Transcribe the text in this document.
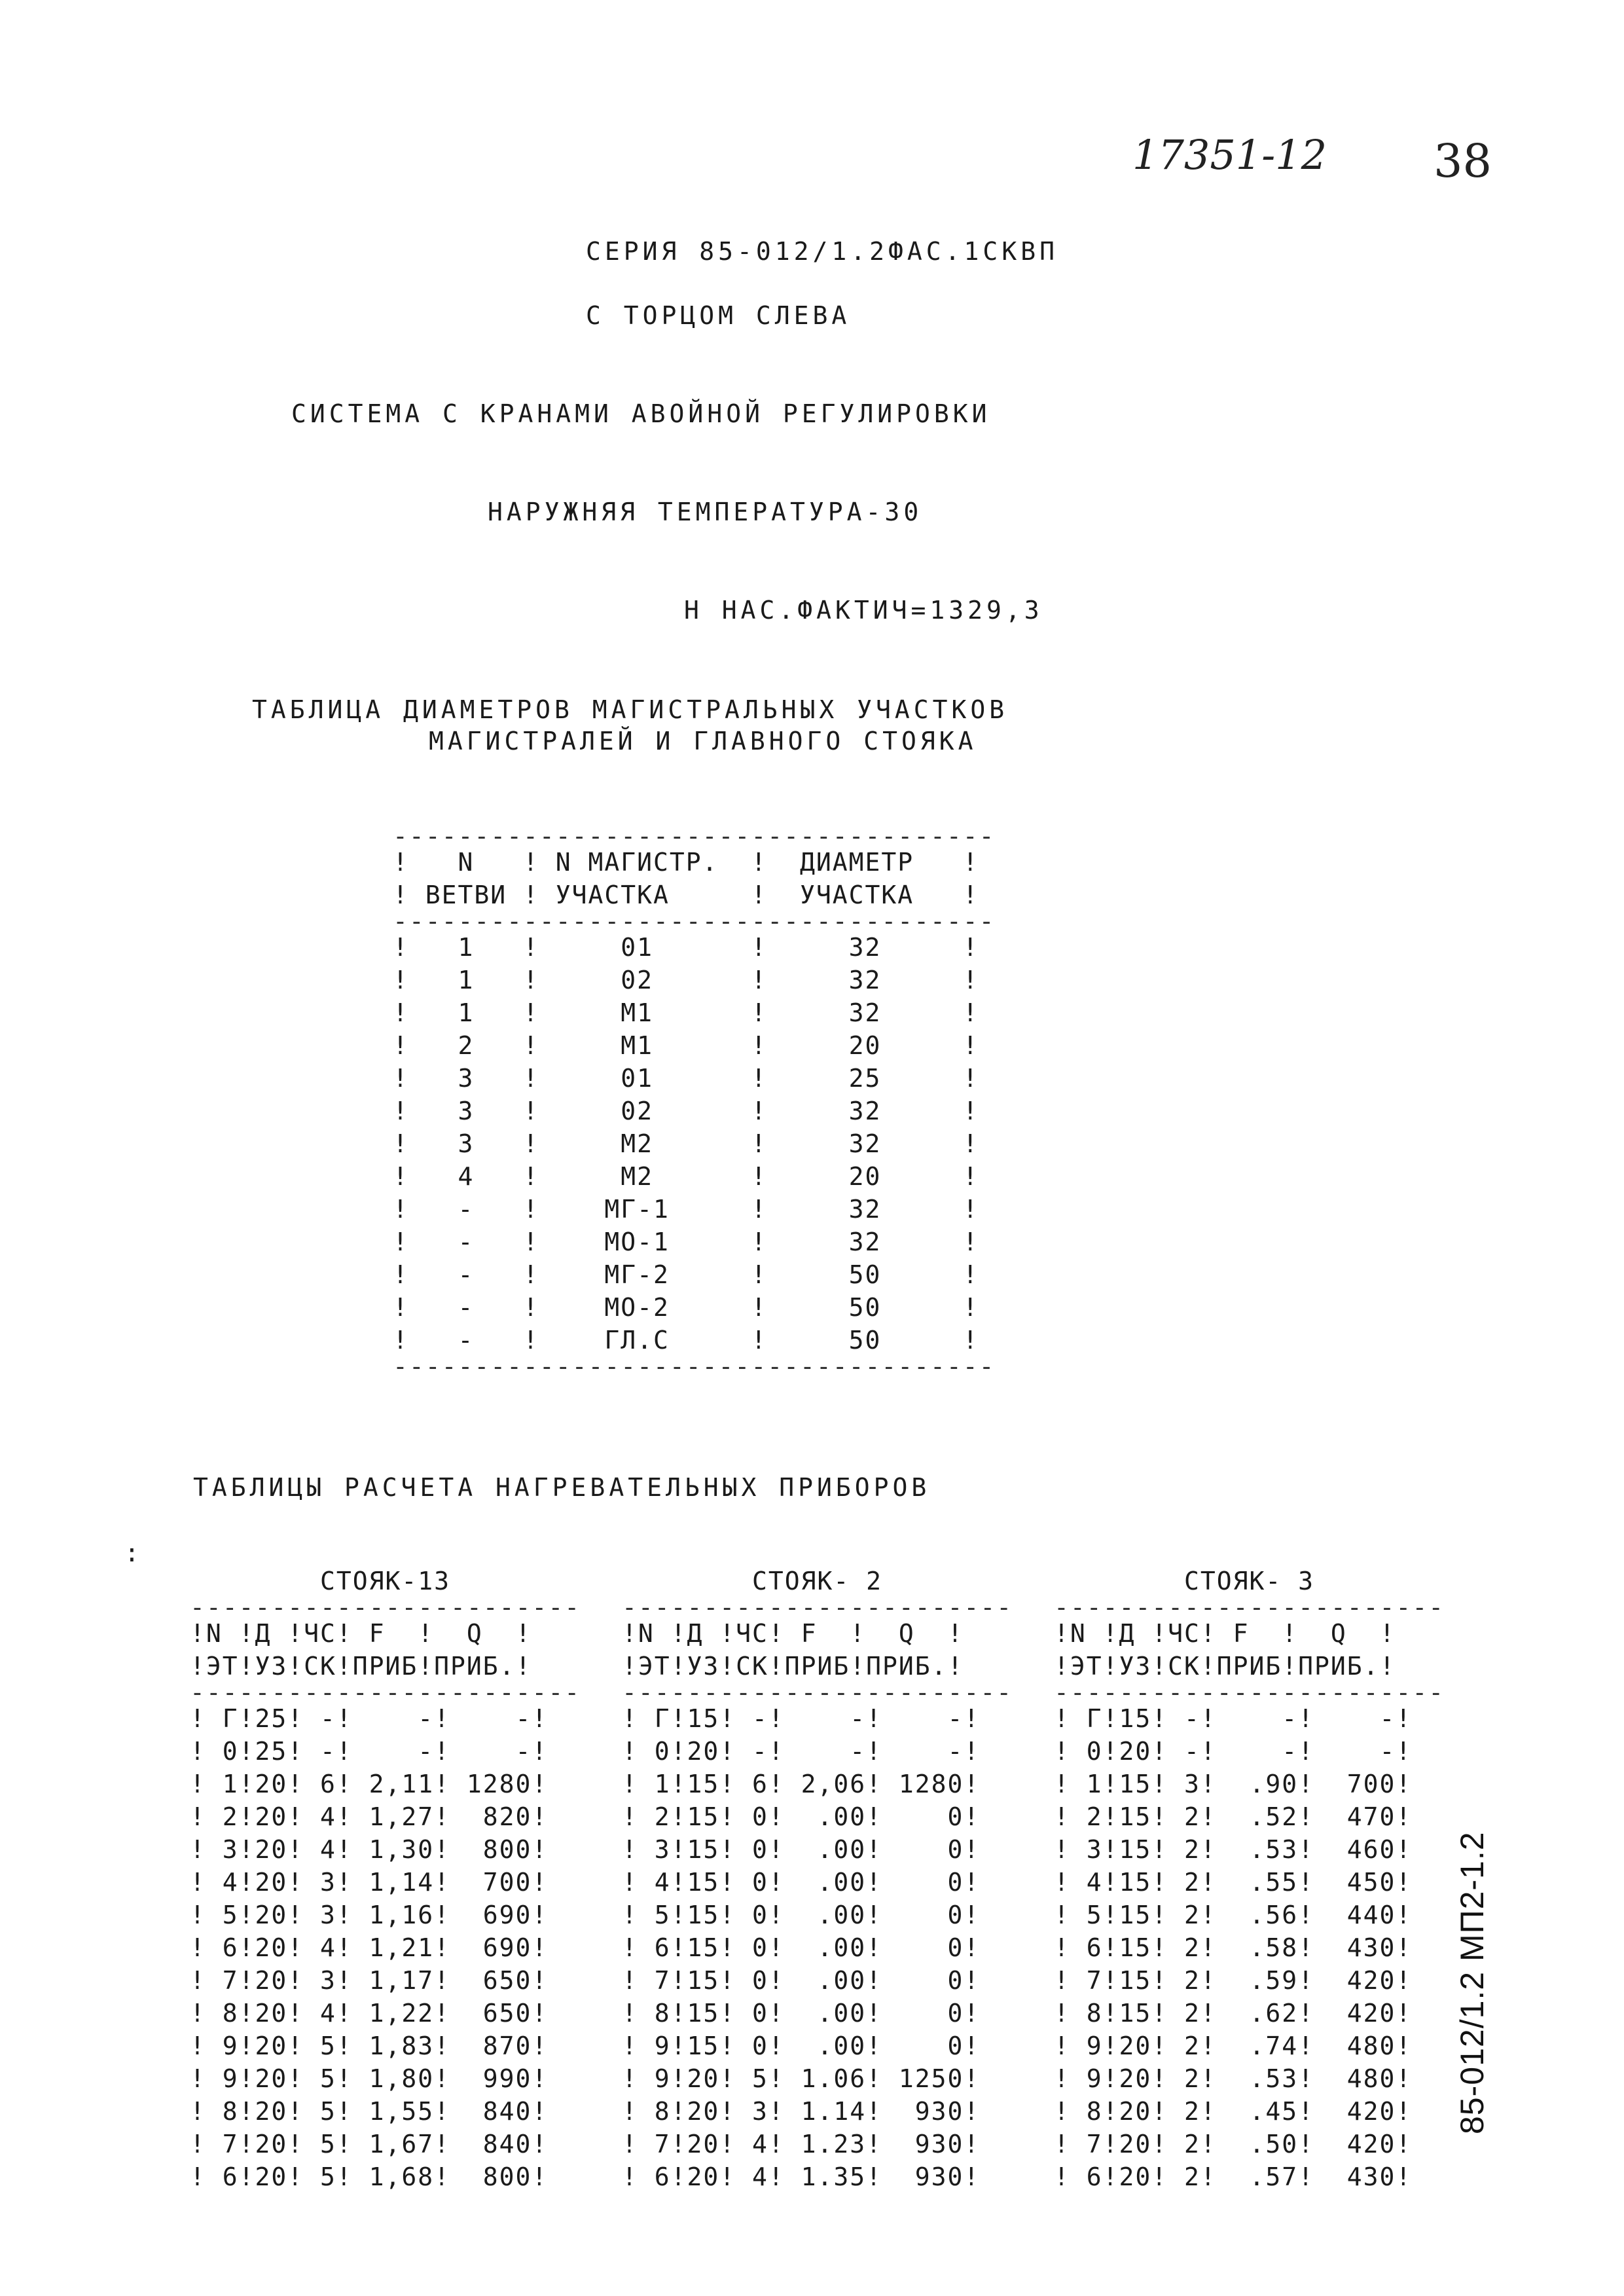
17351-12 38
СЕРИЯ 85-012/1.2ФАС.1СКВП
С ТОРЦОМ СЛЕВА
СИСТЕМА С КРАНАМИ АВОЙНОЙ РЕГУЛИРОВКИ
НАРУЖНЯЯ ТЕМПЕРАТУРА-30
Н НАС.ФАКТИЧ=1329,3
ТАБЛИЦА ДИАМЕТРОВ МАГИСТРАЛЬНЫХ УЧАСТКОВ
МАГИСТРАЛЕЙ И ГЛАВНОГО СТОЯКА
-------------------------------------
!   N   ! N МАГИСТР.  !  ДИАМЕТР   !
! ВЕТВИ ! УЧАСТКА     !  УЧАСТКА   !
-------------------------------------
!   1   !     01      !     32     !
!   1   !     02      !     32     !
!   1   !     М1      !     32     !
!   2   !     М1      !     20     !
!   3   !     01      !     25     !
!   3   !     02      !     32     !
!   3   !     М2      !     32     !
!   4   !     М2      !     20     !
!   -   !    МГ-1     !     32     !
!   -   !    МО-1     !     32     !
!   -   !    МГ-2     !     50     !
!   -   !    МО-2     !     50     !
!   -   !    ГЛ.С     !     50     !
-------------------------------------
ТАБЛИЦЫ РАСЧЕТА НАГРЕВАТЕЛЬНЫХ ПРИБОРОВ
:
СТОЯК-13
------------------------
!N !Д !ЧС! F  !  Q  !
!ЭТ!УЗ!СК!ПРИБ!ПРИБ.!
------------------------
! Г!25! -!    -!    -!
! 0!25! -!    -!    -!
! 1!20! 6! 2,11! 1280!
! 2!20! 4! 1,27!  820!
! 3!20! 4! 1,30!  800!
! 4!20! 3! 1,14!  700!
! 5!20! 3! 1,16!  690!
! 6!20! 4! 1,21!  690!
! 7!20! 3! 1,17!  650!
! 8!20! 4! 1,22!  650!
! 9!20! 5! 1,83!  870!
! 9!20! 5! 1,80!  990!
! 8!20! 5! 1,55!  840!
! 7!20! 5! 1,67!  840!
! 6!20! 5! 1,68!  800!
СТОЯК- 2
------------------------
!N !Д !ЧС! F  !  Q  !
!ЭТ!УЗ!СК!ПРИБ!ПРИБ.!
------------------------
! Г!15! -!    -!    -!
! 0!20! -!    -!    -!
! 1!15! 6! 2,06! 1280!
! 2!15! 0!  .00!    0!
! 3!15! 0!  .00!    0!
! 4!15! 0!  .00!    0!
! 5!15! 0!  .00!    0!
! 6!15! 0!  .00!    0!
! 7!15! 0!  .00!    0!
! 8!15! 0!  .00!    0!
! 9!15! 0!  .00!    0!
! 9!20! 5! 1.06! 1250!
! 8!20! 3! 1.14!  930!
! 7!20! 4! 1.23!  930!
! 6!20! 4! 1.35!  930!
СТОЯК- 3
------------------------
!N !Д !ЧС! F  !  Q  !
!ЭТ!УЗ!СК!ПРИБ!ПРИБ.!
------------------------
! Г!15! -!    -!    -!
! 0!20! -!    -!    -!
! 1!15! 3!  .90!  700!
! 2!15! 2!  .52!  470!
! 3!15! 2!  .53!  460!
! 4!15! 2!  .55!  450!
! 5!15! 2!  .56!  440!
! 6!15! 2!  .58!  430!
! 7!15! 2!  .59!  420!
! 8!15! 2!  .62!  420!
! 9!20! 2!  .74!  480!
! 9!20! 2!  .53!  480!
! 8!20! 2!  .45!  420!
! 7!20! 2!  .50!  420!
! 6!20! 2!  .57!  430!
85-012/1.2 МП2-1.2
